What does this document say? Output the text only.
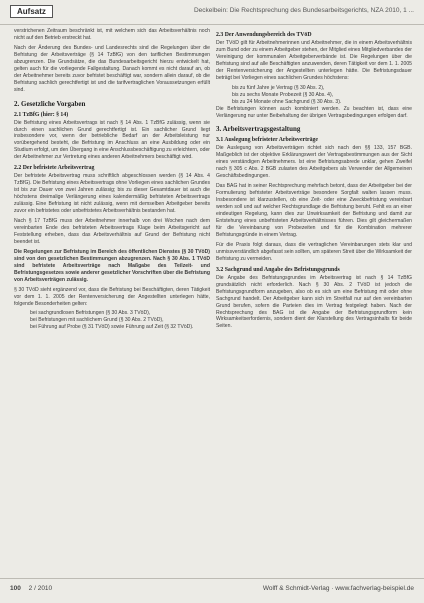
Aufsatz	Deckelbein: Die Rechtsprechung des Bundesarbeitsgerichts, NZA 2010, 1 ...

verstrichenen Zeitraum beschränkt ist, mit welchem sich das Arbeitsverhältnis noch nicht auf den Betrieb erstreckt hat.

Nach der Änderung des Bundes- und Landesrechts sind die Regelungen über die Befristung der Arbeitsverträge (§ 14 TzBfG) von den tariflichen Bestimmungen abzugrenzen. Die Grundsätze, die das Bundesarbeitsgericht hierzu entwickelt hat, gelten auch für die vorliegende Fallgestaltung. Danach kommt es nicht darauf an, ob der Arbeitnehmer bereits zuvor befristet beschäftigt war, sondern allein darauf, ob die Befristung sachlich gerechtfertigt ist und die tarifvertraglichen Voraussetzungen erfüllt sind.

2. Gesetzliche Vorgaben
2.1 TzBfG (hier: § 14)

Die Befristung eines Arbeitsvertrags ist nach § 14 Abs. 1 TzBfG zulässig, wenn sie durch einen sachlichen Grund gerechtfertigt ist. Ein sachlicher Grund liegt insbesondere vor, wenn der betriebliche Bedarf an der Arbeitsleistung nur vorübergehend besteht, die Befristung im Anschluss an eine Ausbildung oder ein Studium erfolgt, um den Übergang in eine Anschlussbeschäftigung zu erleichtern, oder der Arbeitnehmer zur Vertretung eines anderen Arbeitnehmers beschäftigt wird.

2.2 Der befristete Arbeitsvertrag

Der befristete Arbeitsvertrag muss schriftlich abgeschlossen werden (§ 14 Abs. 4 TzBfG). Die Befristung eines Arbeitsvertrags ohne Vorliegen eines sachlichen Grundes ist bis zur Dauer von zwei Jahren zulässig; bis zu dieser Gesamtdauer ist auch die höchstens dreimalige Verlängerung eines kalendermäßig befristeten Arbeitsvertrags zulässig. Eine Befristung ist nicht zulässig, wenn mit demselben Arbeitgeber bereits zuvor ein befristetes oder unbefristetes Arbeitsverhältnis bestanden hat.

Nach § 17 TzBfG muss der Arbeitnehmer innerhalb von drei Wochen nach dem vereinbarten Ende des befristeten Arbeitsvertrags Klage beim Arbeitsgericht auf Feststellung erheben, dass das Arbeitsverhältnis auf Grund der Befristung nicht beendet ist.

Die Regelungen zur Befristung im Bereich des öffentlichen Dienstes (§ 30 TVöD) sind von den gesetzlichen Bestimmungen abzugrenzen. Nach § 30 Abs. 1 TVöD sind befristete Arbeitsverträge nach Maßgabe des Teilzeit- und Befristungsgesetzes sowie anderer gesetzlicher Vorschriften über die Befristung von Arbeitsverträgen zulässig.

§ 30 TVöD sieht ergänzend vor, dass die Befristung bei Beschäftigten, deren Tätigkeit vor dem 1. 1. 2005 der Rentenversicherung der Angestellten unterlegen hätte, folgende Besonderheiten gelten:

bei sachgrundlosen Befristungen (§ 30 Abs. 3 TVöD),
bei Befristungen mit sachlichem Grund (§ 30 Abs. 2 TVöD),
bei Führung auf Probe (§ 31 TVöD) sowie Führung auf Zeit (§ 32 TVöD).
2.3 Der Anwendungsbereich des TVöD

Der TVöD gilt für Arbeitnehmerinnen und Arbeitnehmer, die in einem Arbeitsverhältnis zum Bund oder zu einem Arbeitgeber stehen, der Mitglied eines Mitgliedverbandes der Vereinigung der kommunalen Arbeitgeberverbände ist. Die Regelungen über die Befristung sind auf alle Beschäftigten anzuwenden, deren Tätigkeit vor dem 1. 1. 2005 der Rentenversicherung der Angestellten unterlegen hätte. Die Befristungsdauer beträgt bei Vorliegen eines sachlichen Grundes höchstens:

bis zu fünf Jahre je Vertrag (§ 30 Abs. 2),
bis zu sechs Monate Probezeit (§ 30 Abs. 4),
bis zu 24 Monate ohne Sachgrund (§ 30 Abs. 3).

Die Befristungen können auch kombiniert werden. Zu beachten ist, dass eine Verlängerung nur unter Beibehaltung der übrigen Vertragsbedingungen erfolgen darf.

3. Arbeitsvertragsgestaltung
3.1 Auslegung befristeter Arbeitsverträge

Die Auslegung von Arbeitsverträgen richtet sich nach den §§ 133, 157 BGB. Maßgeblich ist der objektive Erklärungswert der Vertragsbestimmungen aus der Sicht eines verständigen Arbeitnehmers. Ist eine Befristungsabrede unklar, gehen Zweifel nach § 305 c Abs. 2 BGB zulasten des Arbeitgebers als Verwender der Allgemeinen Geschäftsbedingungen.

Das BAG hat in seiner Rechtsprechung mehrfach betont, dass der Arbeitgeber bei der Formulierung befristeter Arbeitsverträge besondere Sorgfalt walten lassen muss. Insbesondere ist klarzustellen, ob eine Zeit- oder eine Zweckbefristung vereinbart werden soll und auf welcher Rechtsgrundlage die Befristung beruht. Fehlt es an einer eindeutigen Regelung, kann dies zur Unwirksamkeit der Befristung und damit zur Entstehung eines unbefristeten Arbeitsverhältnisses führen. Dies gilt gleichermaßen für die Vereinbarung von Probezeiten und für die Kombination mehrerer Befristungsgründe in einem Vertrag.

Für die Praxis folgt daraus, dass die vertraglichen Vereinbarungen stets klar und unmissverständlich abgefasst sein sollten, um späteren Streit über die Wirksamkeit der Befristung zu vermeiden.

3.2 Sachgrund und Angabe des Befristungsgrunds

Die Angabe des Befristungsgrundes im Arbeitsvertrag ist nach § 14 TzBfG grundsätzlich nicht erforderlich. Nach § 30 Abs. 2 TVöD ist jedoch die Befristungsgrundform anzugeben, also ob es sich um eine Befristung mit oder ohne Sachgrund handelt. Der Arbeitgeber kann sich im Streitfall nur auf den vereinbarten Grund berufen, sofern die Parteien dies im Vertrag festgelegt haben. Nach der Rechtsprechung des BAG ist die Angabe der Befristungsgrundform kein Wirksamkeitserfordernis, sondern dient der Klarstellung des Vertragsinhalts für beide Seiten.

100 2 / 2010	Wolff & Schmidt-Verlag · www.fachverlag-beispiel.de
